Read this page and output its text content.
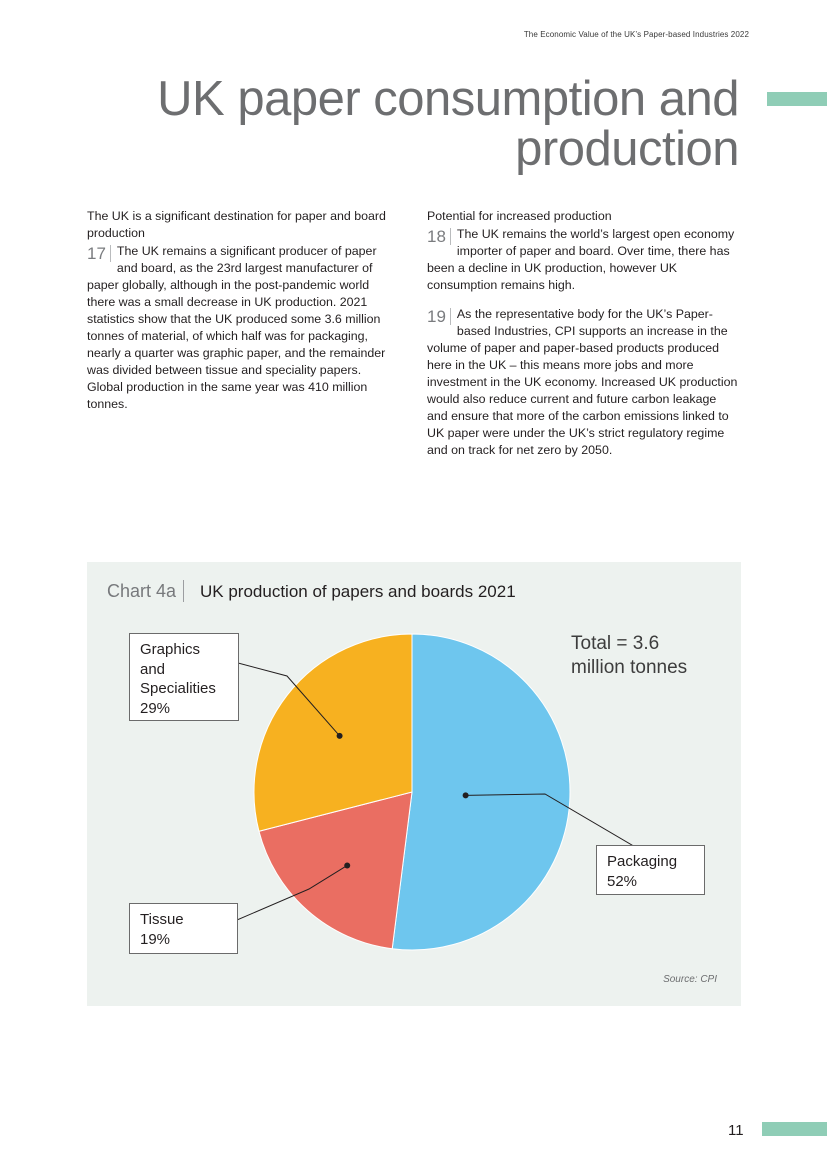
The Economic Value of the UK’s Paper-based Industries 2022
UK paper consumption and
production

The UK is a significant destination for paper and board production

17 The UK remains a significant producer of paper and board, as the 23rd largest manufacturer of paper globally, although in the post-pandemic world there was a small decrease in UK production. 2021 statistics show that the UK produced some 3.6 million tonnes of material, of which half was for packaging, nearly a quarter was graphic paper, and the remainder was divided between tissue and speciality papers. Global production in the same year was 410 million tonnes.

Potential for increased production

18 The UK remains the world’s largest open economy importer of paper and board. Over time, there has been a decline in UK production, however UK consumption remains high.

19 As the representative body for the UK’s Paper-based Industries, CPI supports an increase in the volume of paper and paper-based products produced here in the UK – this means more jobs and more investment in the UK economy. Increased UK production would also reduce current and future carbon leakage and ensure that more of the carbon emissions linked to UK paper were under the UK’s strict regulatory regime and on track for net zero by 2050.

Chart 4a UK production of papers and boards 2021
Total = 3.6
million tonnes
Graphics
and
Specialities
29%
Tissue
19%
Packaging
52%
Source: CPI
11
